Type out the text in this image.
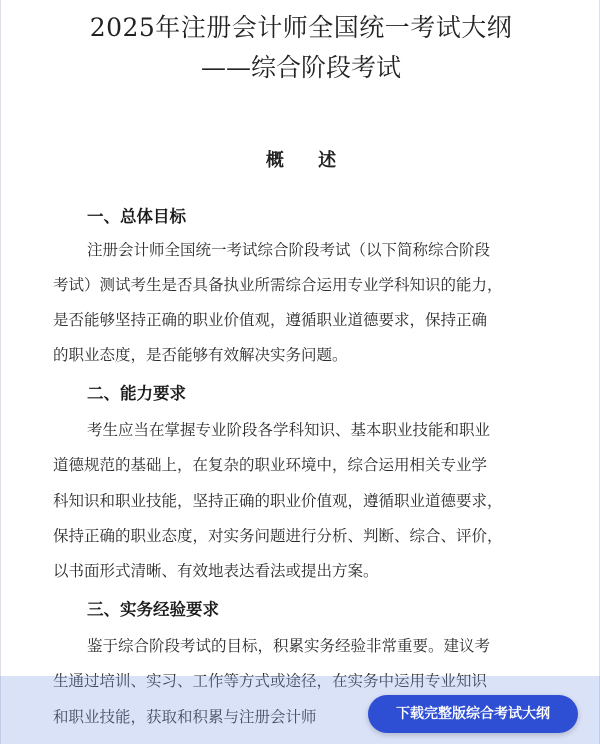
2025年注册会计师全国统一考试大纲
——综合阶段考试
概 述
一、总体目标
注册会计师全国统一考试综合阶段考试（以下简称综合阶段
考试）测试考生是否具备执业所需综合运用专业学科知识的能力，
是否能够坚持正确的职业价值观，遵循职业道德要求，保持正确
的职业态度，是否能够有效解决实务问题。
二、能力要求
考生应当在掌握专业阶段各学科知识、基本职业技能和职业
道德规范的基础上，在复杂的职业环境中，综合运用相关专业学
科知识和职业技能，坚持正确的职业价值观，遵循职业道德要求，
保持正确的职业态度，对实务问题进行分析、判断、综合、评价，
以书面形式清晰、有效地表达看法或提出方案。
三、实务经验要求
鉴于综合阶段考试的目标，积累实务经验非常重要。建议考
生通过培训、实习、工作等方式或途径，在实务中运用专业知识
和职业技能，获取和积累与注册会计师	下载完整版综合考试大纲
